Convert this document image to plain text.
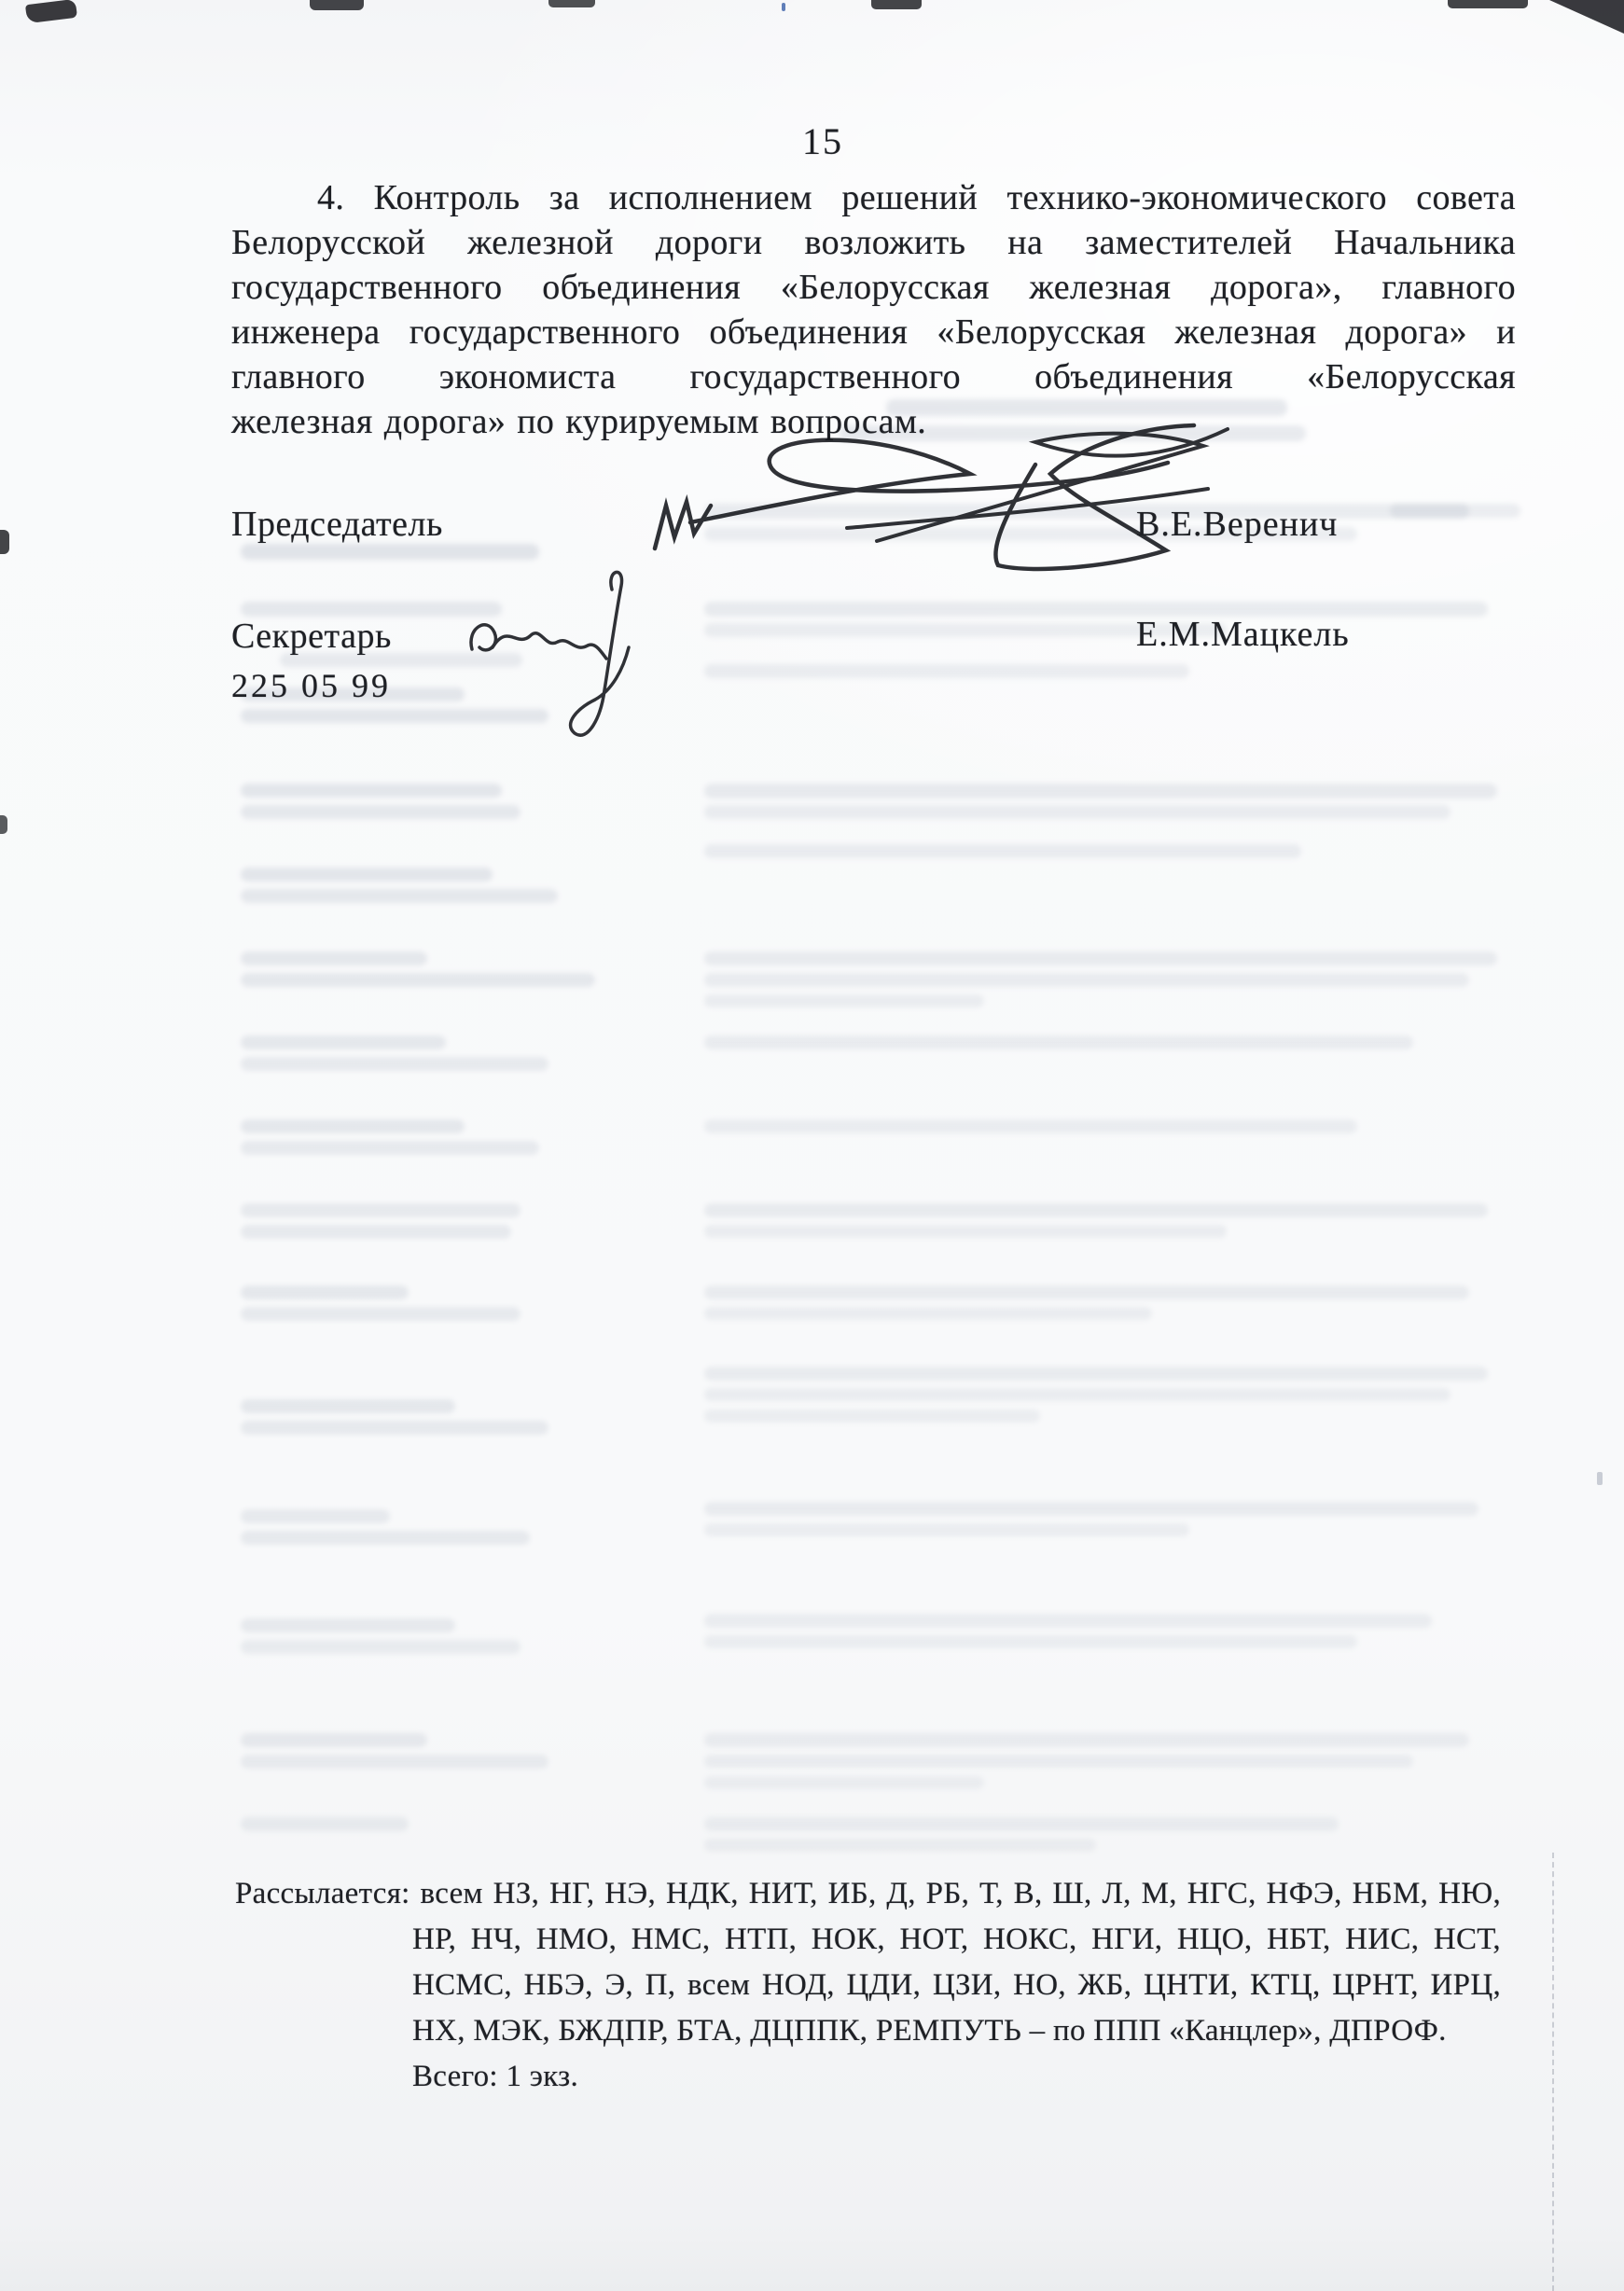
15
4. Контроль за исполнением решений технико-экономического совета
Белорусской железной дороги возложить на заместителей Начальника
государственного объединения «Белорусская железная дорога», главного
инженера государственного объединения «Белорусская железная дорога» и
главного экономиста государственного объединения «Белорусская
железная дорога» по курируемым вопросам.
Председатель	В.Е.Веренич
Секретарь	Е.М.Мацкель
225 05 99
Рассылается: всем НЗ, НГ, НЭ, НДК, НИТ, ИБ, Д, РБ, Т, В, Ш, Л, М, НГС, НФЭ, НБМ, НЮ,
НР, НЧ, НМО, НМС, НТП, НОК, НОТ, НОКС, НГИ, НЦО, НБТ, НИС, НСТ,
НСМС, НБЭ, Э, П, всем НОД, ЦДИ, ЦЗИ, НО, ЖБ, ЦНТИ, КТЦ, ЦРНТ, ИРЦ,
НХ, МЭК, БЖДПР, БТА, ДЦППК, РЕМПУТЬ – по ППП «Канцлер», ДПРОФ.
Всего: 1 экз.
